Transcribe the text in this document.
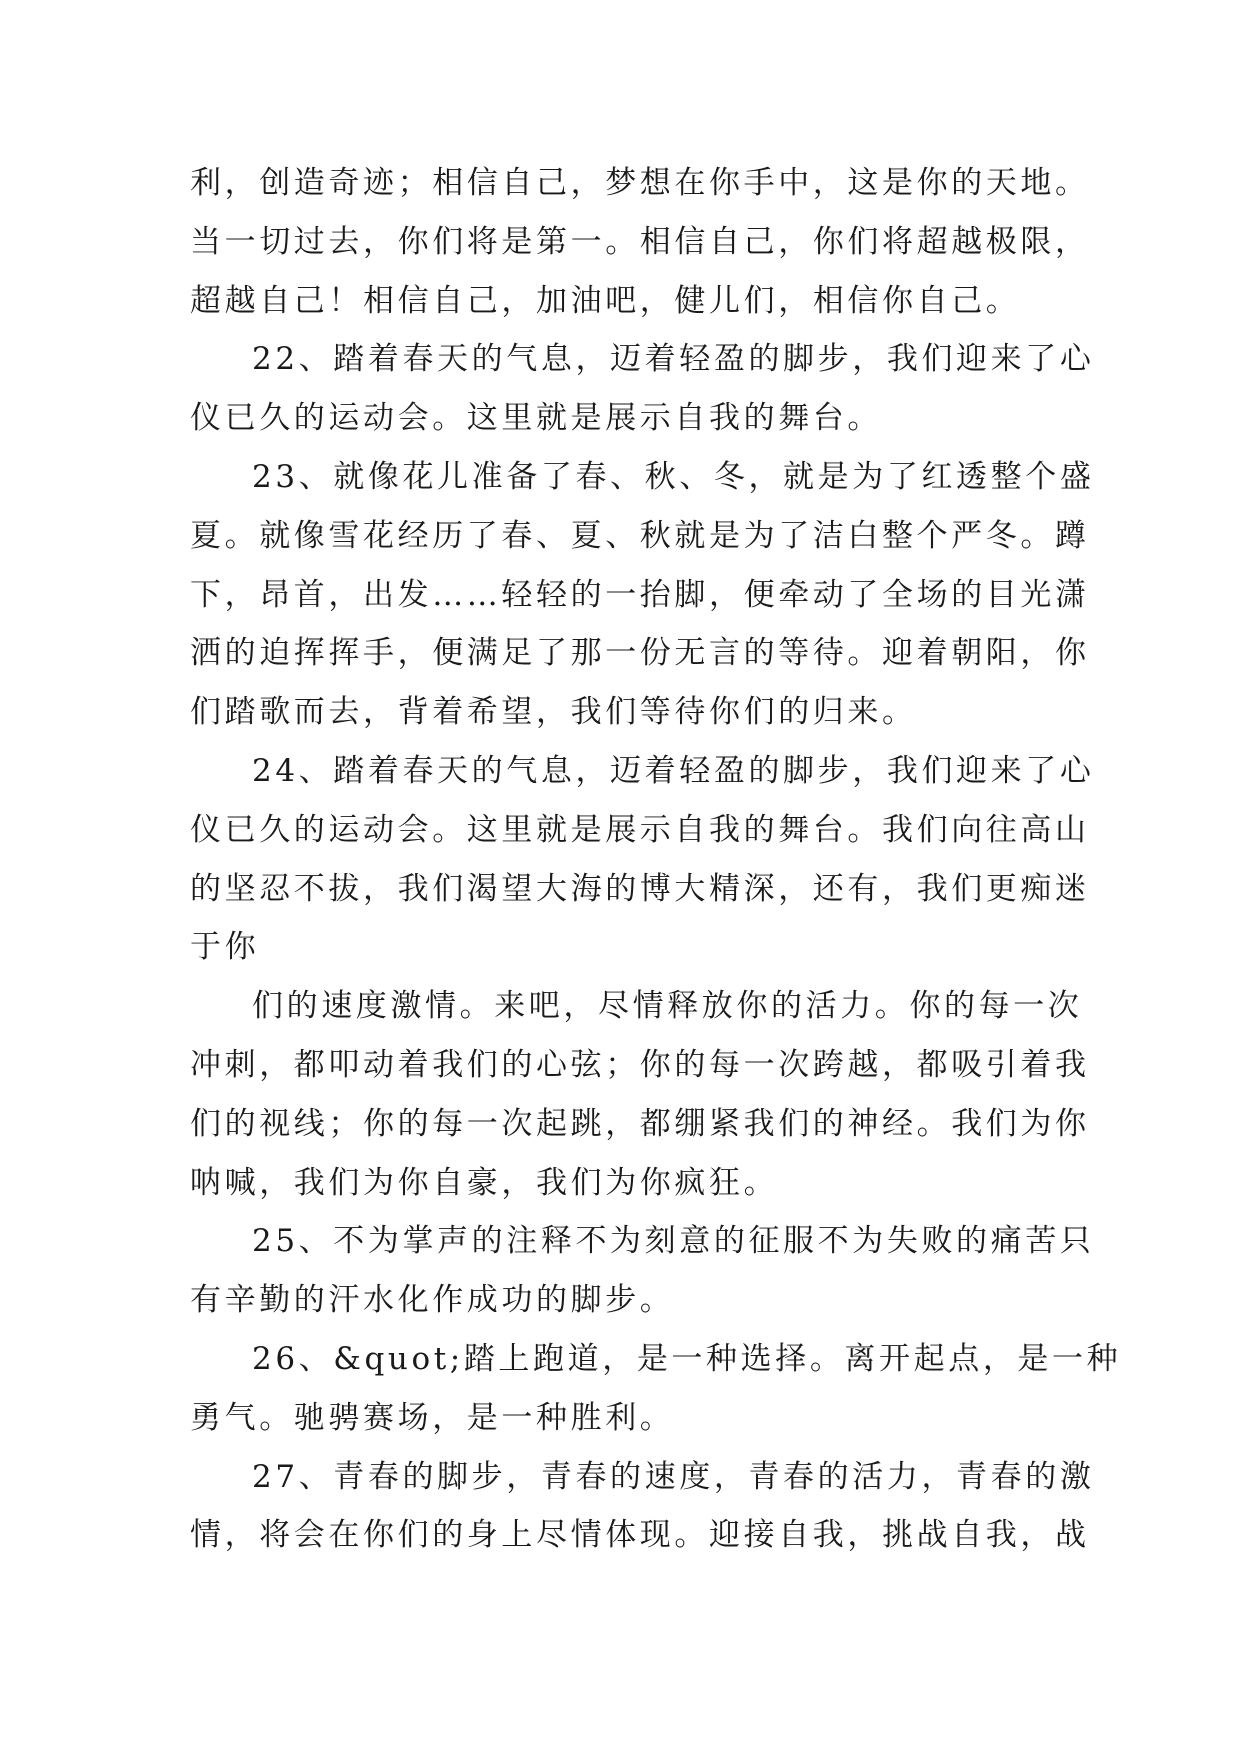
利，创造奇迹；相信自己，梦想在你手中，这是你的天地。
当一切过去，你们将是第一。相信自己，你们将超越极限，
超越自己！相信自己，加油吧，健儿们，相信你自己。
22、踏着春天的气息，迈着轻盈的脚步，我们迎来了心
仪已久的运动会。这里就是展示自我的舞台。
23、就像花儿准备了春、秋、冬，就是为了红透整个盛
夏。就像雪花经历了春、夏、秋就是为了洁白整个严冬。蹲
下，昂首，出发……轻轻的一抬脚，便牵动了全场的目光潇
洒的迫挥挥手，便满足了那一份无言的等待。迎着朝阳，你
们踏歌而去，背着希望，我们等待你们的归来。
24、踏着春天的气息，迈着轻盈的脚步，我们迎来了心
仪已久的运动会。这里就是展示自我的舞台。我们向往高山
的坚忍不拔，我们渴望大海的博大精深，还有，我们更痴迷
于你
们的速度激情。来吧，尽情释放你的活力。你的每一次
冲刺，都叩动着我们的心弦；你的每一次跨越，都吸引着我
们的视线；你的每一次起跳，都绷紧我们的神经。我们为你
呐喊，我们为你自豪，我们为你疯狂。
25、不为掌声的注释不为刻意的征服不为失败的痛苦只
有辛勤的汗水化作成功的脚步。
26、&quot;踏上跑道，是一种选择。离开起点，是一种
勇气。驰骋赛场，是一种胜利。
27、青春的脚步，青春的速度，青春的活力，青春的激
情，将会在你们的身上尽情体现。迎接自我，挑战自我，战
